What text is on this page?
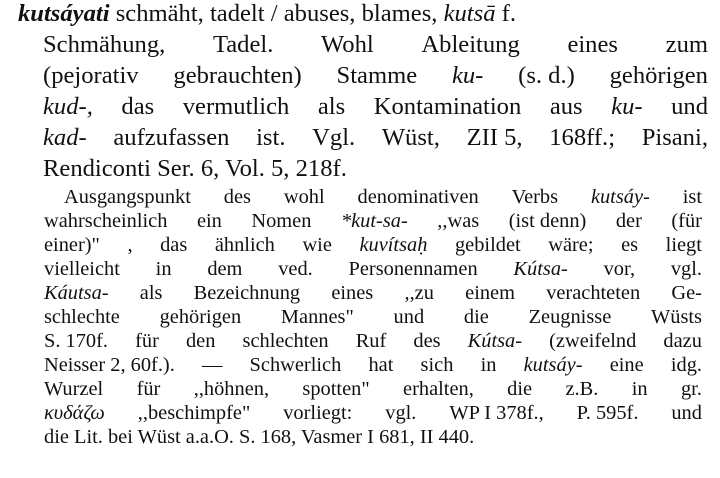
kutsáyati schmäht, tadelt / abuses, blames, kutsā f.
Schmähung, Tadel. Wohl Ableitung eines zum
(pejorativ gebrauchten) Stamme ku- (s. d.) gehörigen
kud-, das vermutlich als Kontamination aus ku- und
kad- aufzufassen ist. Vgl. Wüst, ZII 5, 168ff.; Pisani,
Rendiconti Ser. 6, Vol. 5, 218f.
Ausgangspunkt des wohl denominativen Verbs kutsáy- ist
wahrscheinlich ein Nomen *kut-sa- ,,was (ist denn) der (für
einer)" , das ähnlich wie kuvítsaḥ gebildet wäre; es liegt
vielleicht in dem ved. Personennamen Kútsa- vor, vgl.
Káutsa- als Bezeichnung eines ,,zu einem verachteten Ge-
schlechte gehörigen Mannes" und die Zeugnisse Wüsts
S. 170f. für den schlechten Ruf des Kútsa- (zweifelnd dazu
Neisser 2, 60f.). — Schwerlich hat sich in kutsáy- eine idg.
Wurzel für ,,höhnen, spotten" erhalten, die z.B. in gr.
κυδάζω ,,beschimpfe" vorliegt: vgl. WP I 378f., P. 595f. und
die Lit. bei Wüst a.a.O. S. 168, Vasmer I 681, II 440.
